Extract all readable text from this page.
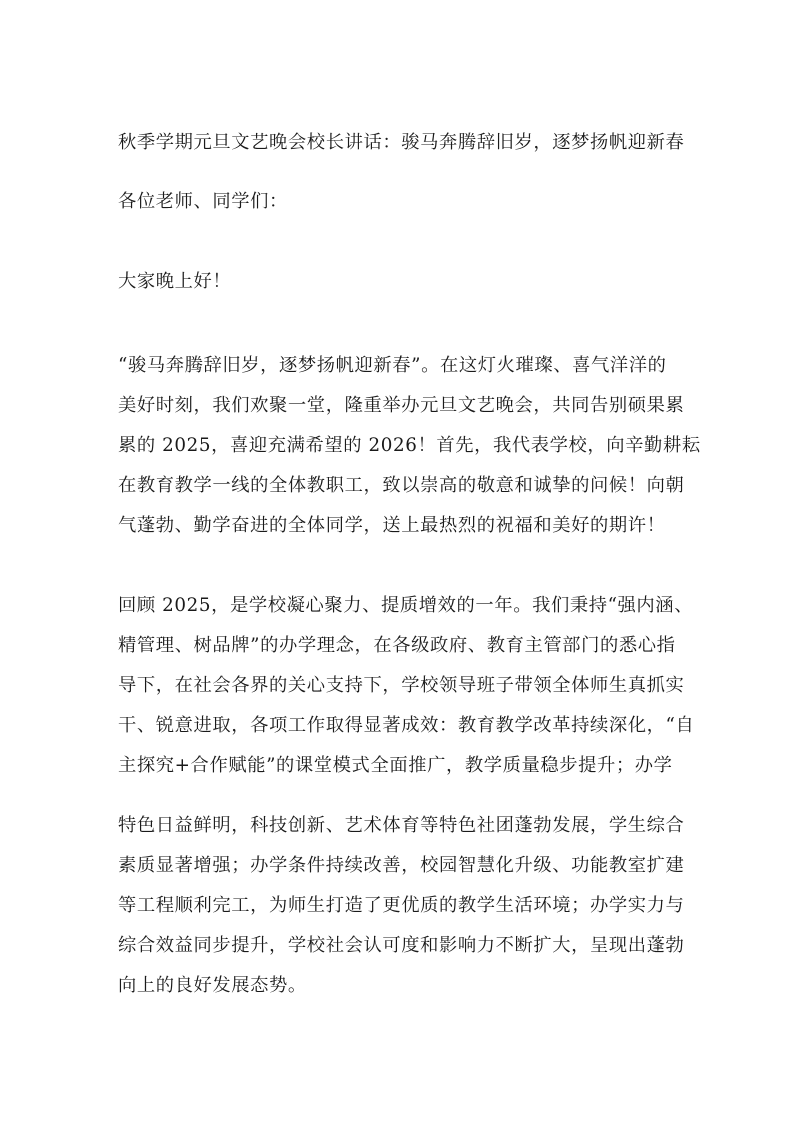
秋季学期元旦文艺晚会校长讲话：骏马奔腾辞旧岁，逐梦扬帆迎新春
各位老师、同学们：
大家晚上好！
“骏马奔腾辞旧岁，逐梦扬帆迎新春”。在这灯火璀璨、喜气洋洋的
美好时刻，我们欢聚一堂，隆重举办元旦文艺晚会，共同告别硕果累
累的 2025，喜迎充满希望的 2026！首先，我代表学校，向辛勤耕耘
在教育教学一线的全体教职工，致以崇高的敬意和诚挚的问候！向朝
气蓬勃、勤学奋进的全体同学，送上最热烈的祝福和美好的期许！
回顾 2025，是学校凝心聚力、提质增效的一年。我们秉持“强内涵、
精管理、树品牌”的办学理念，在各级政府、教育主管部门的悉心指
导下，在社会各界的关心支持下，学校领导班子带领全体师生真抓实
干、锐意进取，各项工作取得显著成效：教育教学改革持续深化，“自
主探究+合作赋能”的课堂模式全面推广，教学质量稳步提升；办学
特色日益鲜明，科技创新、艺术体育等特色社团蓬勃发展，学生综合
素质显著增强；办学条件持续改善，校园智慧化升级、功能教室扩建
等工程顺利完工，为师生打造了更优质的教学生活环境；办学实力与
综合效益同步提升，学校社会认可度和影响力不断扩大，呈现出蓬勃
向上的良好发展态势。
